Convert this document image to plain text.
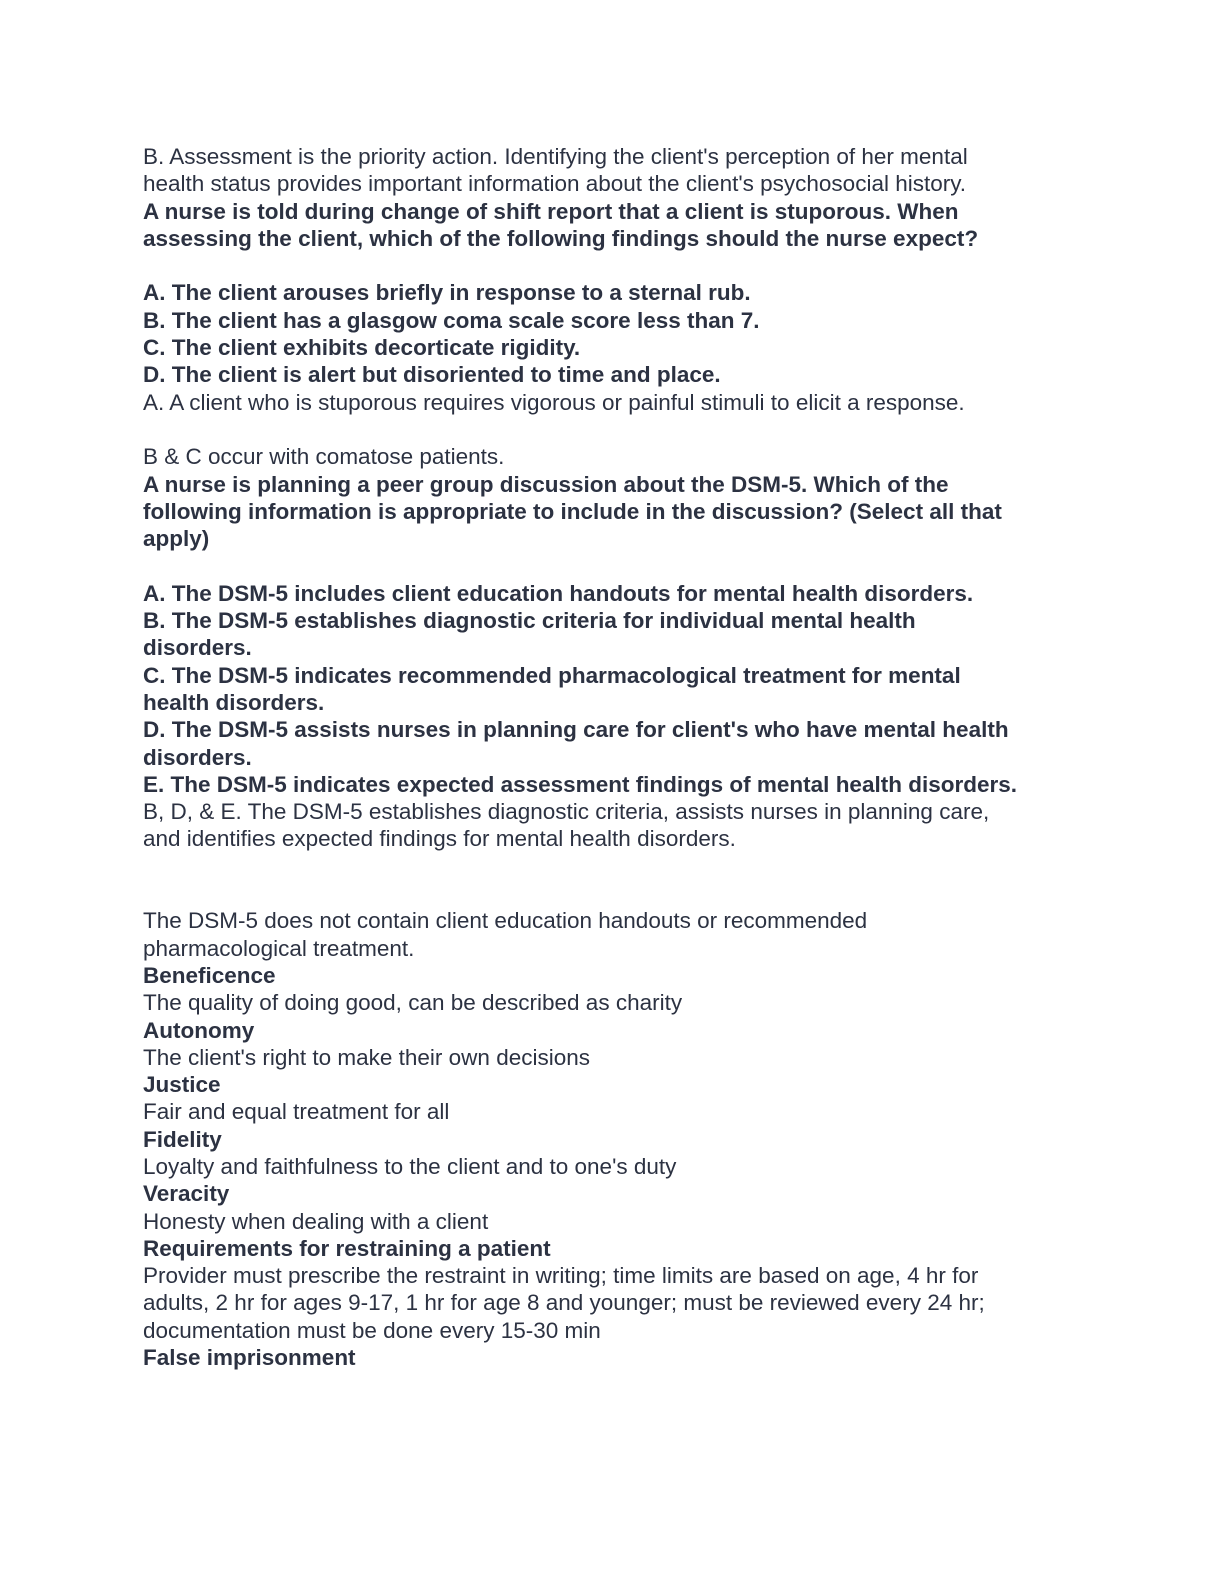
B. Assessment is the priority action. Identifying the client's perception of her mental
health status provides important information about the client's psychosocial history.
A nurse is told during change of shift report that a client is stuporous. When
assessing the client, which of the following findings should the nurse expect?
A. The client arouses briefly in response to a sternal rub.
B. The client has a glasgow coma scale score less than 7.
C. The client exhibits decorticate rigidity.
D. The client is alert but disoriented to time and place.
A. A client who is stuporous requires vigorous or painful stimuli to elicit a response.
B & C occur with comatose patients.
A nurse is planning a peer group discussion about the DSM-5. Which of the
following information is appropriate to include in the discussion? (Select all that
apply)
A. The DSM-5 includes client education handouts for mental health disorders.
B. The DSM-5 establishes diagnostic criteria for individual mental health
disorders.
C. The DSM-5 indicates recommended pharmacological treatment for mental
health disorders.
D. The DSM-5 assists nurses in planning care for client's who have mental health
disorders.
E. The DSM-5 indicates expected assessment findings of mental health disorders.
B, D, & E. The DSM-5 establishes diagnostic criteria, assists nurses in planning care,
and identifies expected findings for mental health disorders.
The DSM-5 does not contain client education handouts or recommended
pharmacological treatment.
Beneficence
The quality of doing good, can be described as charity
Autonomy
The client's right to make their own decisions
Justice
Fair and equal treatment for all
Fidelity
Loyalty and faithfulness to the client and to one's duty
Veracity
Honesty when dealing with a client
Requirements for restraining a patient
Provider must prescribe the restraint in writing; time limits are based on age, 4 hr for
adults, 2 hr for ages 9-17, 1 hr for age 8 and younger; must be reviewed every 24 hr;
documentation must be done every 15-30 min
False imprisonment
